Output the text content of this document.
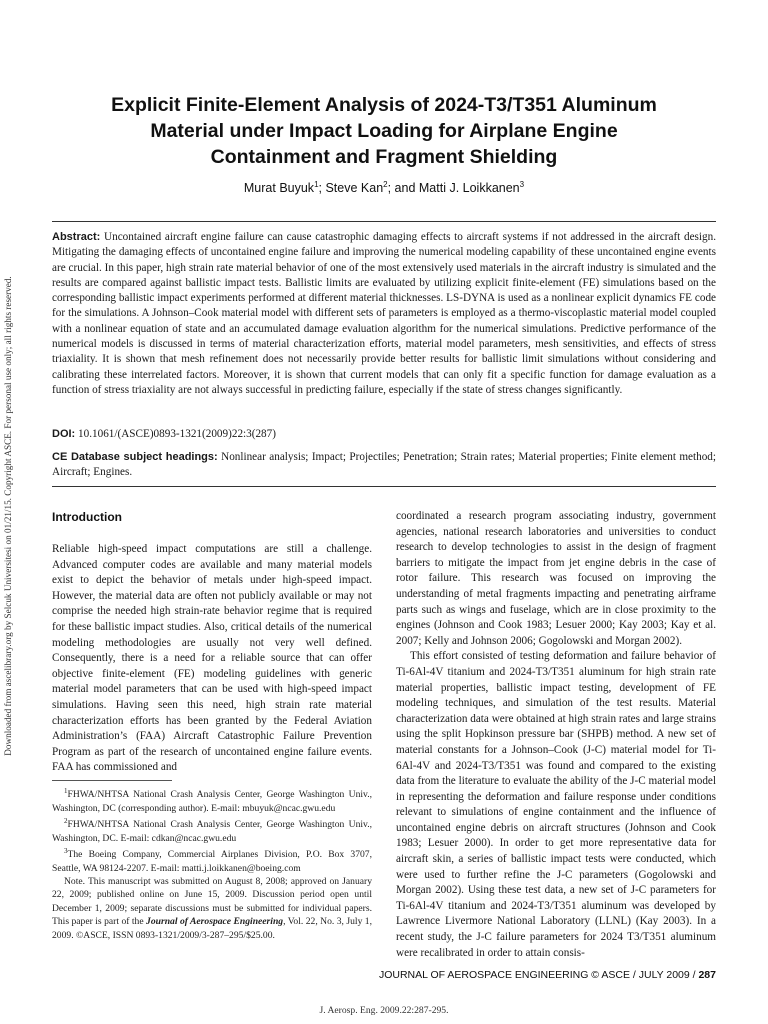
Downloaded from ascelibrary.org by Selcuk Universitesi on 01/21/15. Copyright ASCE. For personal use only; all rights reserved.
Explicit Finite-Element Analysis of 2024-T3/T351 Aluminum
Material under Impact Loading for Airplane Engine
Containment and Fragment Shielding
Murat Buyuk$^1$; Steve Kan$^2$; and Matti J. Loikkanen$^3$
Abstract: Uncontained aircraft engine failure can cause catastrophic damaging effects to aircraft systems if not addressed in the aircraft design. Mitigating the damaging effects of uncontained engine failure and improving the numerical modeling capability of these uncontained engine events are crucial. In this paper, high strain rate material behavior of one of the most extensively used materials in the aircraft industry is simulated and the results are compared against ballistic impact tests. Ballistic limits are evaluated by utilizing explicit finite-element (FE) simulations based on the corresponding ballistic impact experiments performed at different material thicknesses. LS-DYNA is used as a nonlinear explicit dynamics FE code for the simulations. A Johnson–Cook material model with different sets of parameters is employed as a thermo-viscoplastic material model coupled with a nonlinear equation of state and an accumulated damage evaluation algorithm for the numerical simulations. Predictive performance of the numerical models is discussed in terms of material characterization efforts, material model parameters, mesh sensitivities, and effects of stress triaxiality. It is shown that mesh refinement does not necessarily provide better results for ballistic limit simulations without considering and calibrating these interrelated factors. Moreover, it is shown that current models that can only fit a specific function for damage evaluation as a function of stress triaxiality are not always successful in predicting failure, especially if the state of stress changes significantly.
DOI: 10.1061/(ASCE)0893-1321(2009)22:3(287)
CE Database subject headings: Nonlinear analysis; Impact; Projectiles; Penetration; Strain rates; Material properties; Finite element method; Aircraft; Engines.
Introduction

Reliable high-speed impact computations are still a challenge. Advanced computer codes are available and many material models exist to depict the behavior of metals under high-speed impact. However, the material data are often not publicly available or may not comprise the needed high strain-rate behavior regime that is required for these ballistic impact studies. Also, critical details of the numerical modeling methodologies are usually not very well defined. Consequently, there is a need for a reliable source that can offer objective finite-element (FE) modeling guidelines with generic material model parameters that can be used with high-speed impact simulations. Having seen this need, high strain rate material characterization efforts has been granted by the Federal Aviation Administration’s (FAA) Aircraft Catastrophic Failure Prevention Program as part of the research of uncontained engine failure events. FAA has commissioned and

$^1$FHWA/NHTSA National Crash Analysis Center, George Washington Univ., Washington, DC (corresponding author). E-mail: mbuyuk@ncac.gwu.edu

$^2$FHWA/NHTSA National Crash Analysis Center, George Washington Univ., Washington, DC. E-mail: cdkan@ncac.gwu.edu

$^3$The Boeing Company, Commercial Airplanes Division, P.O. Box 3707, Seattle, WA 98124-2207. E-mail: matti.j.loikkanen@boeing.com

Note. This manuscript was submitted on August 8, 2008; approved on January 22, 2009; published online on June 15, 2009. Discussion period open until December 1, 2009; separate discussions must be submitted for individual papers. This paper is part of the Journal of Aerospace Engineering, Vol. 22, No. 3, July 1, 2009. ©ASCE, ISSN 0893-1321/2009/3-287–295/$25.00.

coordinated a research program associating industry, government agencies, national research laboratories and universities to conduct research to develop technologies to assist in the design of fragment barriers to mitigate the impact from jet engine debris in the case of rotor failure. This research was focused on improving the understanding of metal fragments impacting and penetrating airframe parts such as wings and fuselage, which are in close proximity to the engines (Johnson and Cook 1983; Lesuer 2000; Kay 2003; Kay et al. 2007; Kelly and Johnson 2006; Gogolowski and Morgan 2002).

This effort consisted of testing deformation and failure behavior of Ti-6Al-4V titanium and 2024-T3/T351 aluminum for high strain rate material properties, ballistic impact testing, development of FE modeling techniques, and simulation of the test results. Material characterization data were obtained at high strain rates and large strains using the split Hopkinson pressure bar (SHPB) method. A new set of material constants for a Johnson–Cook (J-C) material model for Ti-6Al-4V and 2024-T3/T351 was found and compared to the existing data from the literature to evaluate the ability of the J-C material model in representing the deformation and failure response under conditions relevant to simulations of engine containment and the influence of uncontained engine debris on aircraft structures (Johnson and Cook 1983; Lesuer 2000). In order to get more representative data for aircraft skin, a series of ballistic impact tests were conducted, which were used to further refine the J-C parameters (Gogolowski and Morgan 2002). Using these test data, a new set of J-C parameters for Ti-6Al-4V titanium and 2024-T3/T351 aluminum was developed by Lawrence Livermore National Laboratory (LLNL) (Kay 2003). In a recent study, the J-C failure parameters for 2024 T3/T351 aluminum were recalibrated in order to attain consis-

JOURNAL OF AEROSPACE ENGINEERING © ASCE / JULY 2009 / 287
J. Aerosp. Eng. 2009.22:287-295.
